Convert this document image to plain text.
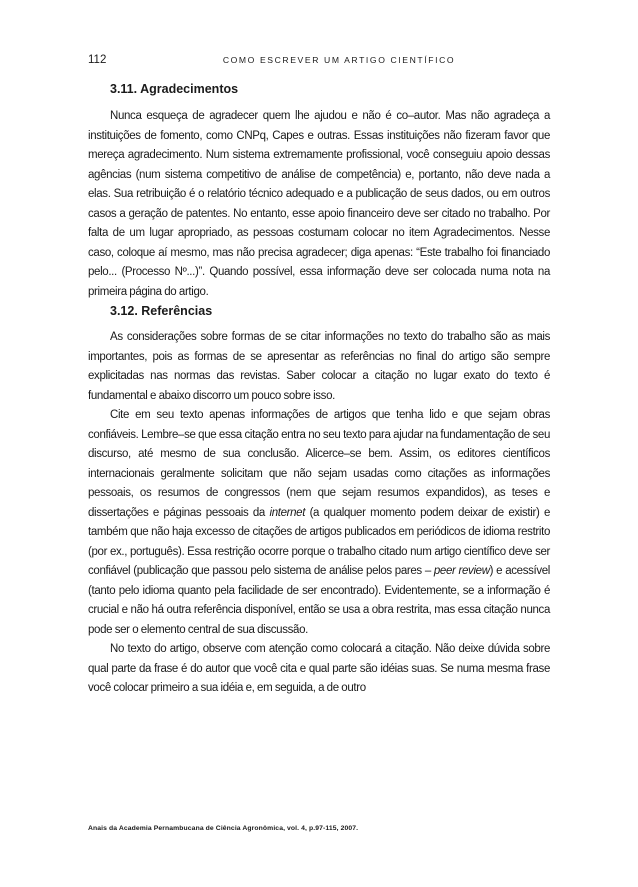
112	COMO ESCREVER UM ARTIGO CIENTÍFICO
3.11. Agradecimentos

Nunca esqueça de agradecer quem lhe ajudou e não é co–autor. Mas não agradeça a instituições de fomento, como CNPq, Capes e outras. Essas instituições não fizeram favor que mereça agradecimento. Num sistema extremamente profissional, você conseguiu apoio dessas agências (num sistema competitivo de análise de competência) e, portanto, não deve nada a elas. Sua retribuição é o relatório técnico adequado e a publicação de seus dados, ou em outros casos a geração de patentes. No entanto, esse apoio financeiro deve ser citado no trabalho. Por falta de um lugar apropriado, as pessoas costumam colocar no item Agradecimentos. Nesse caso, coloque aí mesmo, mas não precisa agradecer; diga apenas: “Este trabalho foi financiado pelo... (Processo Nº...)”. Quando possível, essa informação deve ser colocada numa nota na primeira página do artigo.

3.12. Referências

As considerações sobre formas de se citar informações no texto do trabalho são as mais importantes, pois as formas de se apresentar as referências no final do artigo são sempre explicitadas nas normas das revistas. Saber colocar a citação no lugar exato do texto é fundamental e abaixo discorro um pouco sobre isso.

Cite em seu texto apenas informações de artigos que tenha lido e que sejam obras confiáveis. Lembre–se que essa citação entra no seu texto para ajudar na fundamentação de seu discurso, até mesmo de sua conclusão. Alicerce–se bem. Assim, os editores científicos internacionais geralmente solicitam que não sejam usadas como citações as informações pessoais, os resumos de congressos (nem que sejam resumos expandidos), as teses e dissertações e páginas pessoais da internet (a qualquer momento podem deixar de existir) e também que não haja excesso de citações de artigos publicados em periódicos de idioma restrito (por ex., português). Essa restrição ocorre porque o trabalho citado num artigo científico deve ser confiável (publicação que passou pelo sistema de análise pelos pares – peer review) e acessível (tanto pelo idioma quanto pela facilidade de ser encontrado). Evidentemente, se a informação é crucial e não há outra referência disponível, então se usa a obra restrita, mas essa citação nunca pode ser o elemento central de sua discussão.

No texto do artigo, observe com atenção como colocará a citação. Não deixe dúvida sobre qual parte da frase é do autor que você cita e qual parte são idéias suas. Se numa mesma frase você colocar primeiro a sua idéia e, em seguida, a de outro

Anais da Academia Pernambucana de Ciência Agronômica, vol. 4, p.97-115, 2007.
